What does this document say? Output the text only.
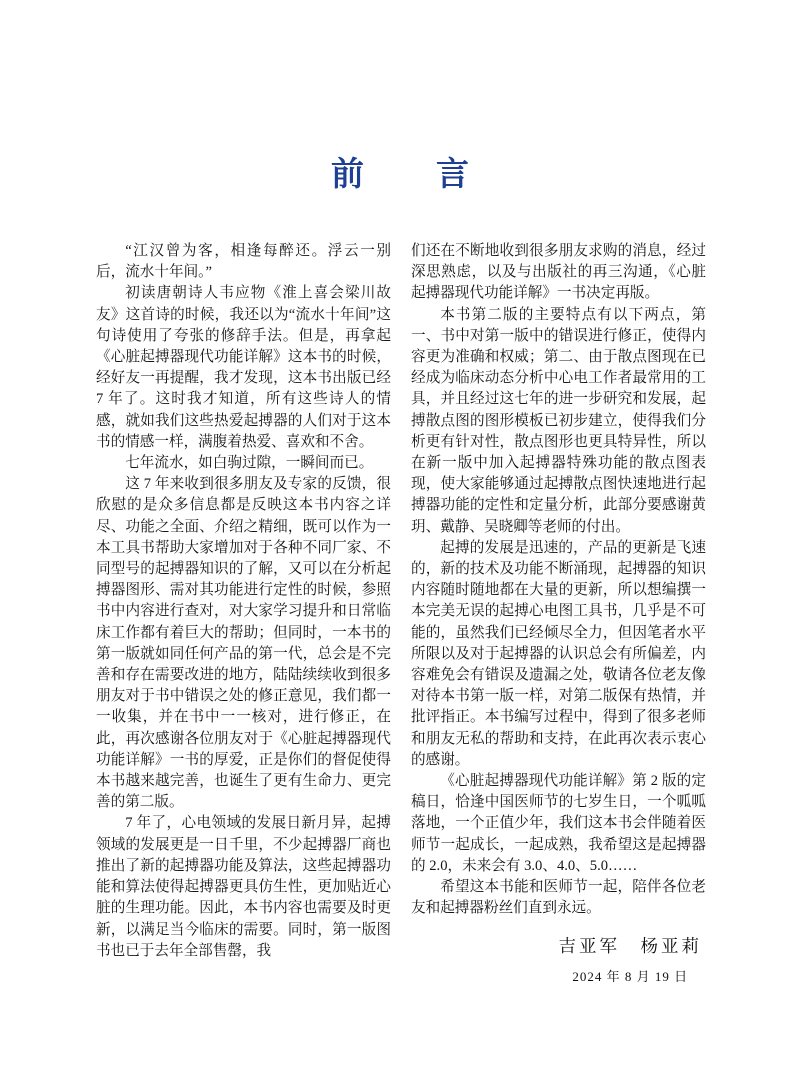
前　　言

“江汉曾为客，相逢每醉还。浮云一别后，流水十年间。”

初读唐朝诗人韦应物《淮上喜会梁川故友》这首诗的时候，我还以为“流水十年间”这句诗使用了夸张的修辞手法。但是，再拿起《心脏起搏器现代功能详解》这本书的时候，经好友一再提醒，我才发现，这本书出版已经 7 年了。这时我才知道，所有这些诗人的情感，就如我们这些热爱起搏器的人们对于这本书的情感一样，满腹着热爱、喜欢和不舍。

七年流水，如白驹过隙，一瞬间而已。

这 7 年来收到很多朋友及专家的反馈，很欣慰的是众多信息都是反映这本书内容之详尽、功能之全面、介绍之精细，既可以作为一本工具书帮助大家增加对于各种不同厂家、不同型号的起搏器知识的了解，又可以在分析起搏器图形、需对其功能进行定性的时候，参照书中内容进行查对，对大家学习提升和日常临床工作都有着巨大的帮助；但同时，一本书的第一版就如同任何产品的第一代，总会是不完善和存在需要改进的地方，陆陆续续收到很多朋友对于书中错误之处的修正意见，我们都一一收集，并在书中一一核对，进行修正，在此，再次感谢各位朋友对于《心脏起搏器现代功能详解》一书的厚爱，正是你们的督促使得本书越来越完善，也诞生了更有生命力、更完善的第二版。

7 年了，心电领域的发展日新月异，起搏领域的发展更是一日千里，不少起搏器厂商也推出了新的起搏器功能及算法，这些起搏器功能和算法使得起搏器更具仿生性，更加贴近心脏的生理功能。因此，本书内容也需要及时更新，以满足当今临床的需要。同时，第一版图书也已于去年全部售罄，我

们还在不断地收到很多朋友求购的消息，经过深思熟虑，以及与出版社的再三沟通，《心脏起搏器现代功能详解》一书决定再版。

本书第二版的主要特点有以下两点，第一、书中对第一版中的错误进行修正，使得内容更为准确和权威；第二、由于散点图现在已经成为临床动态分析中心电工作者最常用的工具，并且经过这七年的进一步研究和发展，起搏散点图的图形模板已初步建立，使得我们分析更有针对性，散点图形也更具特异性，所以在新一版中加入起搏器特殊功能的散点图表现，使大家能够通过起搏散点图快速地进行起搏器功能的定性和定量分析，此部分要感谢黄玥、戴静、吴晓卿等老师的付出。

起搏的发展是迅速的，产品的更新是飞速的，新的技术及功能不断涌现，起搏器的知识内容随时随地都在大量的更新，所以想编撰一本完美无误的起搏心电图工具书，几乎是不可能的，虽然我们已经倾尽全力，但因笔者水平所限以及对于起搏器的认识总会有所偏差，内容难免会有错误及遗漏之处，敬请各位老友像对待本书第一版一样，对第二版保有热情，并批评指正。本书编写过程中，得到了很多老师和朋友无私的帮助和支持，在此再次表示衷心的感谢。

《心脏起搏器现代功能详解》第 2 版的定稿日，恰逢中国医师节的七岁生日，一个呱呱落地，一个正值少年，我们这本书会伴随着医师节一起成长，一起成熟，我希望这是起搏器的 2.0，未来会有 3.0、4.0、5.0……

希望这本书能和医师节一起，陪伴各位老友和起搏器粉丝们直到永远。

吉亚军　杨亚莉
2024 年 8 月 19 日
